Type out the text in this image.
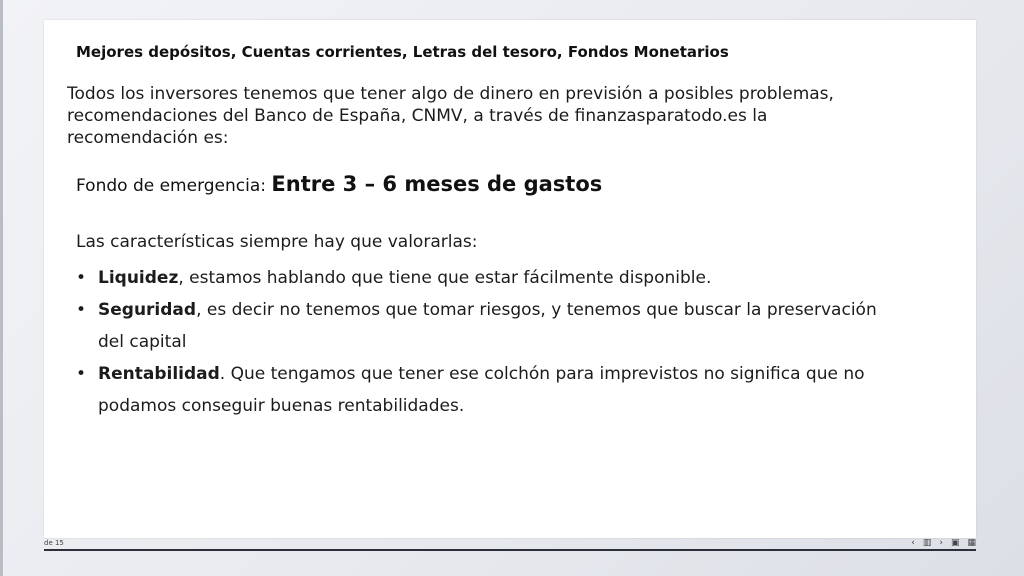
Mejores depósitos, Cuentas corrientes, Letras del tesoro, Fondos Monetarios
Todos los inversores tenemos que tener algo de dinero en previsión a posibles problemas, recomendaciones del Banco de España, CNMV, a través de finanzasparatodo.es la recomendación es:
Fondo de emergencia: Entre 3 – 6 meses de gastos
Las características siempre hay que valorarlas:
• Liquidez, estamos hablando que tiene que estar fácilmente disponible.
• Seguridad, es decir no tenemos que tomar riesgos, y tenemos que buscar la preservación del capital
• Rentabilidad. Que tengamos que tener ese colchón para imprevistos no significa que no podamos conseguir buenas rentabilidades.
de 15	‹ ▥ › ▣ ▦
